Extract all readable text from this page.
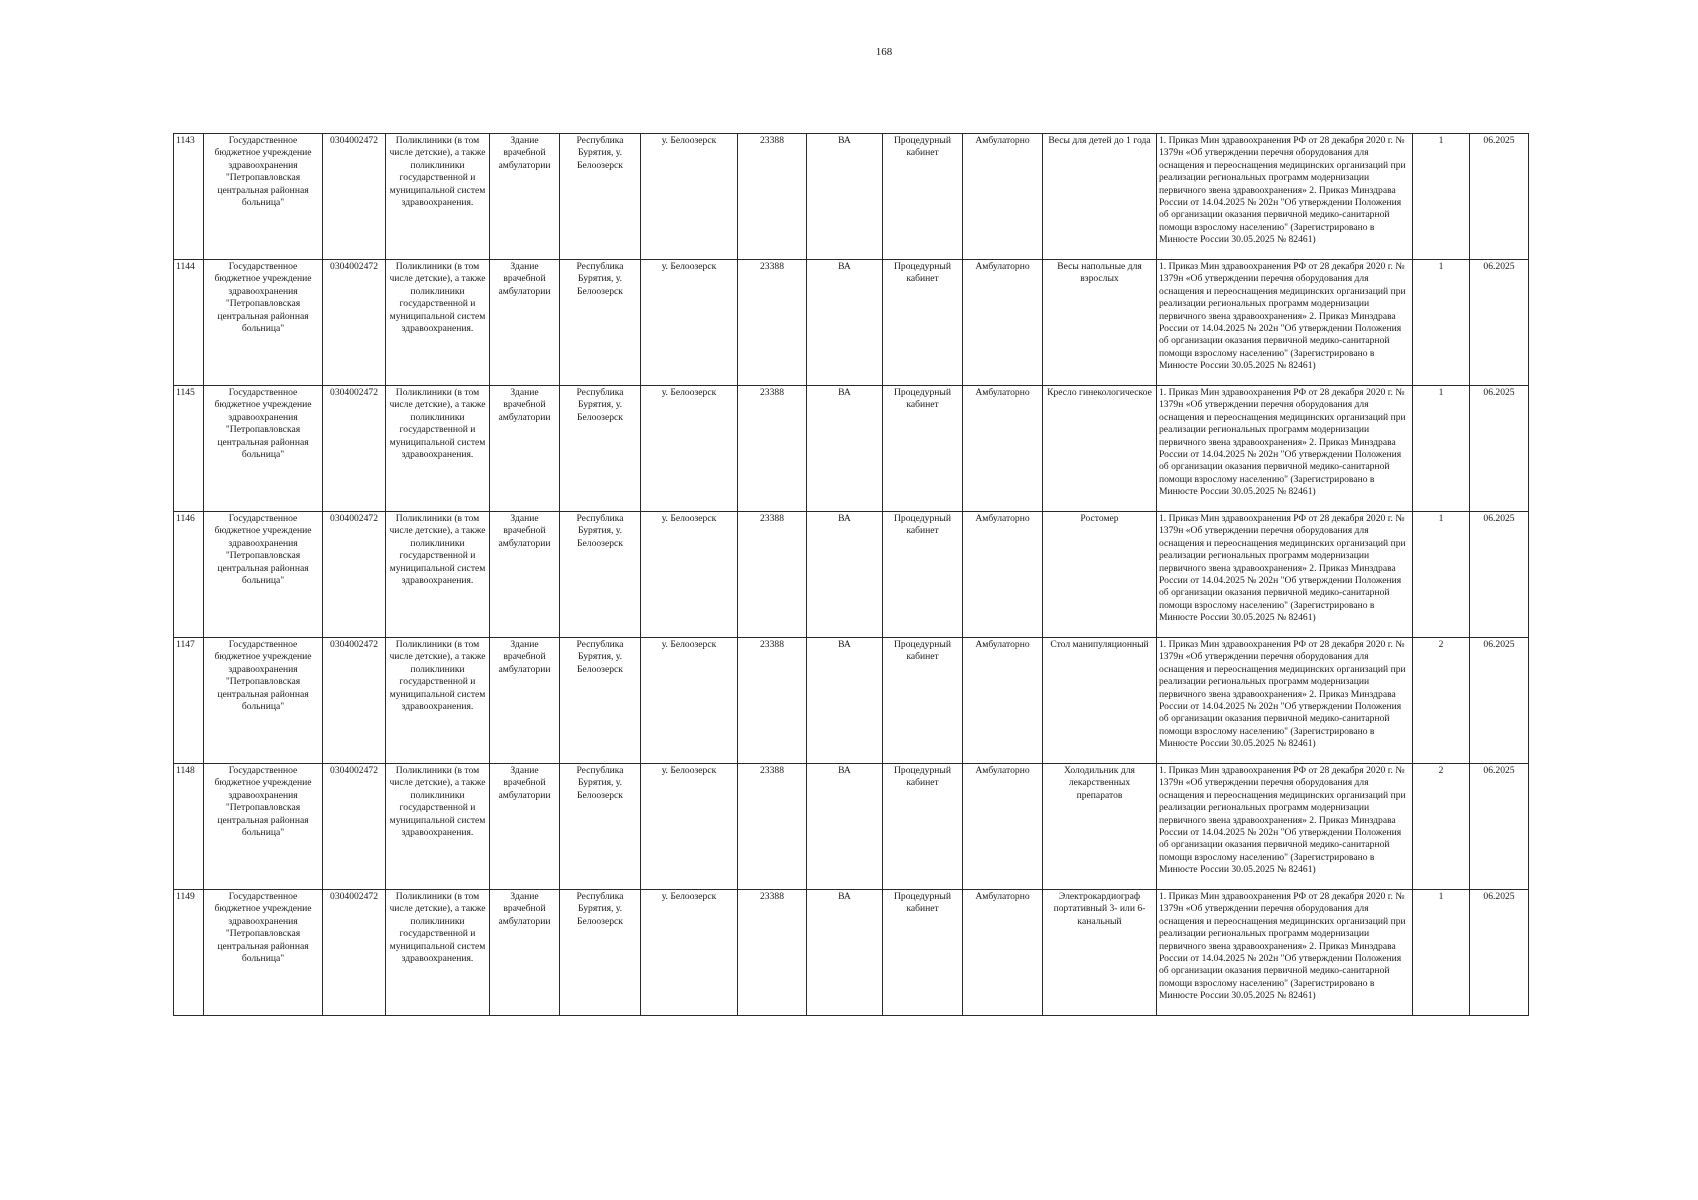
168
1143	Государственное бюджетное учреждение здравоохранения "Петропавловская центральная районная больница"	0304002472	Поликлиники (в том числе детские), а также поликлиники государственной и муниципальной систем здравоохранения.	Здание врачебной амбулатории	Республика Бурятия, у. Белоозерск	у. Белоозерск	23388	ВА	Процедурный кабинет	Амбулаторно	Весы для детей до 1 года	1. Приказ Мин здравоохранения РФ от 28 декабря 2020 г. № 1379н «Об утверждении перечня оборудования для оснащения и переоснащения медицинских организаций при реализации региональных программ модернизации первичного звена здравоохранения» 2. Приказ Минздрава России от 14.04.2025 № 202н "Об утверждении Положения об организации оказания первичной медико-санитарной помощи взрослому населению" (Зарегистрировано в Минюсте России 30.05.2025 № 82461)	1	06.2025
1144	Государственное бюджетное учреждение здравоохранения "Петропавловская центральная районная больница"	0304002472	Поликлиники (в том числе детские), а также поликлиники государственной и муниципальной систем здравоохранения.	Здание врачебной амбулатории	Республика Бурятия, у. Белоозерск	у. Белоозерск	23388	ВА	Процедурный кабинет	Амбулаторно	Весы напольные для взрослых	1. Приказ Мин здравоохранения РФ от 28 декабря 2020 г. № 1379н «Об утверждении перечня оборудования для оснащения и переоснащения медицинских организаций при реализации региональных программ модернизации первичного звена здравоохранения» 2. Приказ Минздрава России от 14.04.2025 № 202н "Об утверждении Положения об организации оказания первичной медико-санитарной помощи взрослому населению" (Зарегистрировано в Минюсте России 30.05.2025 № 82461)	1	06.2025
1145	Государственное бюджетное учреждение здравоохранения "Петропавловская центральная районная больница"	0304002472	Поликлиники (в том числе детские), а также поликлиники государственной и муниципальной систем здравоохранения.	Здание врачебной амбулатории	Республика Бурятия, у. Белоозерск	у. Белоозерск	23388	ВА	Процедурный кабинет	Амбулаторно	Кресло гинекологическое	1. Приказ Мин здравоохранения РФ от 28 декабря 2020 г. № 1379н «Об утверждении перечня оборудования для оснащения и переоснащения медицинских организаций при реализации региональных программ модернизации первичного звена здравоохранения» 2. Приказ Минздрава России от 14.04.2025 № 202н "Об утверждении Положения об организации оказания первичной медико-санитарной помощи взрослому населению" (Зарегистрировано в Минюсте России 30.05.2025 № 82461)	1	06.2025
1146	Государственное бюджетное учреждение здравоохранения "Петропавловская центральная районная больница"	0304002472	Поликлиники (в том числе детские), а также поликлиники государственной и муниципальной систем здравоохранения.	Здание врачебной амбулатории	Республика Бурятия, у. Белоозерск	у. Белоозерск	23388	ВА	Процедурный кабинет	Амбулаторно	Ростомер	1. Приказ Мин здравоохранения РФ от 28 декабря 2020 г. № 1379н «Об утверждении перечня оборудования для оснащения и переоснащения медицинских организаций при реализации региональных программ модернизации первичного звена здравоохранения» 2. Приказ Минздрава России от 14.04.2025 № 202н "Об утверждении Положения об организации оказания первичной медико-санитарной помощи взрослому населению" (Зарегистрировано в Минюсте России 30.05.2025 № 82461)	1	06.2025
1147	Государственное бюджетное учреждение здравоохранения "Петропавловская центральная районная больница"	0304002472	Поликлиники (в том числе детские), а также поликлиники государственной и муниципальной систем здравоохранения.	Здание врачебной амбулатории	Республика Бурятия, у. Белоозерск	у. Белоозерск	23388	ВА	Процедурный кабинет	Амбулаторно	Стол манипуляционный	1. Приказ Мин здравоохранения РФ от 28 декабря 2020 г. № 1379н «Об утверждении перечня оборудования для оснащения и переоснащения медицинских организаций при реализации региональных программ модернизации первичного звена здравоохранения» 2. Приказ Минздрава России от 14.04.2025 № 202н "Об утверждении Положения об организации оказания первичной медико-санитарной помощи взрослому населению" (Зарегистрировано в Минюсте России 30.05.2025 № 82461)	2	06.2025
1148	Государственное бюджетное учреждение здравоохранения "Петропавловская центральная районная больница"	0304002472	Поликлиники (в том числе детские), а также поликлиники государственной и муниципальной систем здравоохранения.	Здание врачебной амбулатории	Республика Бурятия, у. Белоозерск	у. Белоозерск	23388	ВА	Процедурный кабинет	Амбулаторно	Холодильник для лекарственных препаратов	1. Приказ Мин здравоохранения РФ от 28 декабря 2020 г. № 1379н «Об утверждении перечня оборудования для оснащения и переоснащения медицинских организаций при реализации региональных программ модернизации первичного звена здравоохранения» 2. Приказ Минздрава России от 14.04.2025 № 202н "Об утверждении Положения об организации оказания первичной медико-санитарной помощи взрослому населению" (Зарегистрировано в Минюсте России 30.05.2025 № 82461)	2	06.2025
1149	Государственное бюджетное учреждение здравоохранения "Петропавловская центральная районная больница"	0304002472	Поликлиники (в том числе детские), а также поликлиники государственной и муниципальной систем здравоохранения.	Здание врачебной амбулатории	Республика Бурятия, у. Белоозерск	у. Белоозерск	23388	ВА	Процедурный кабинет	Амбулаторно	Электрокардиограф портативный 3- или 6-канальный	1. Приказ Мин здравоохранения РФ от 28 декабря 2020 г. № 1379н «Об утверждении перечня оборудования для оснащения и переоснащения медицинских организаций при реализации региональных программ модернизации первичного звена здравоохранения» 2. Приказ Минздрава России от 14.04.2025 № 202н "Об утверждении Положения об организации оказания первичной медико-санитарной помощи взрослому населению" (Зарегистрировано в Минюсте России 30.05.2025 № 82461)	1	06.2025
